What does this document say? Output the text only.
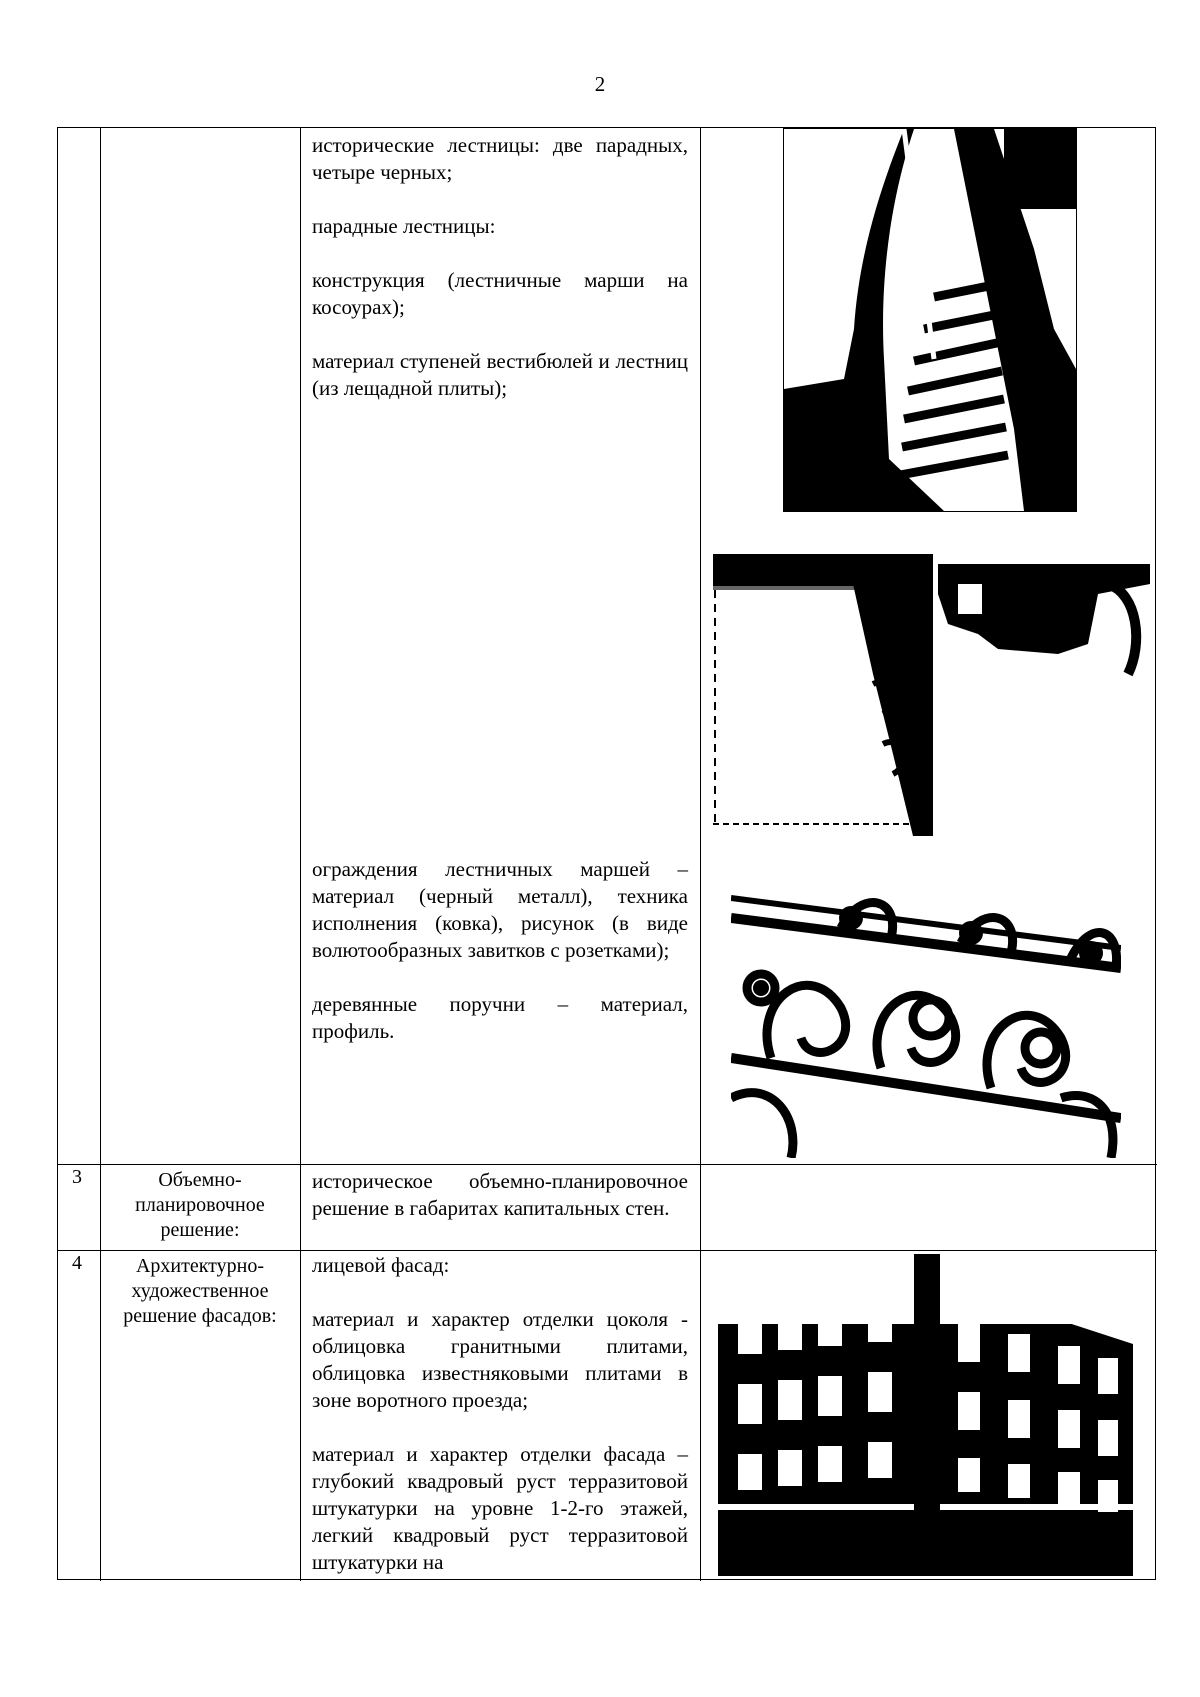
2

исторические лестницы: две парадных, четыре черных;

парадные лестницы:

конструкция (лестничные марши на косоурах);

материал ступеней вестибюлей и лестниц (из лещадной плиты);

ограждения лестничных маршей – материал (черный металл), техника исполнения (ковка), рисунок (в виде волютообразных завитков с розетками);

деревянные поручни – материал, профиль.

3	Объемно-планировочное решение:

историческое объемно-планировочное решение в габаритах капитальных стен.

4	Архитектурно-художественное решение фасадов:

лицевой фасад:

материал и характер отделки цоколя - облицовка гранитными плитами, облицовка известняковыми плитами в зоне воротного проезда;

материал и характер отделки фасада – глубокий квадровый руст терразитовой штукатурки на уровне 1-2-го этажей, легкий квадровый руст терразитовой штукатурки на
